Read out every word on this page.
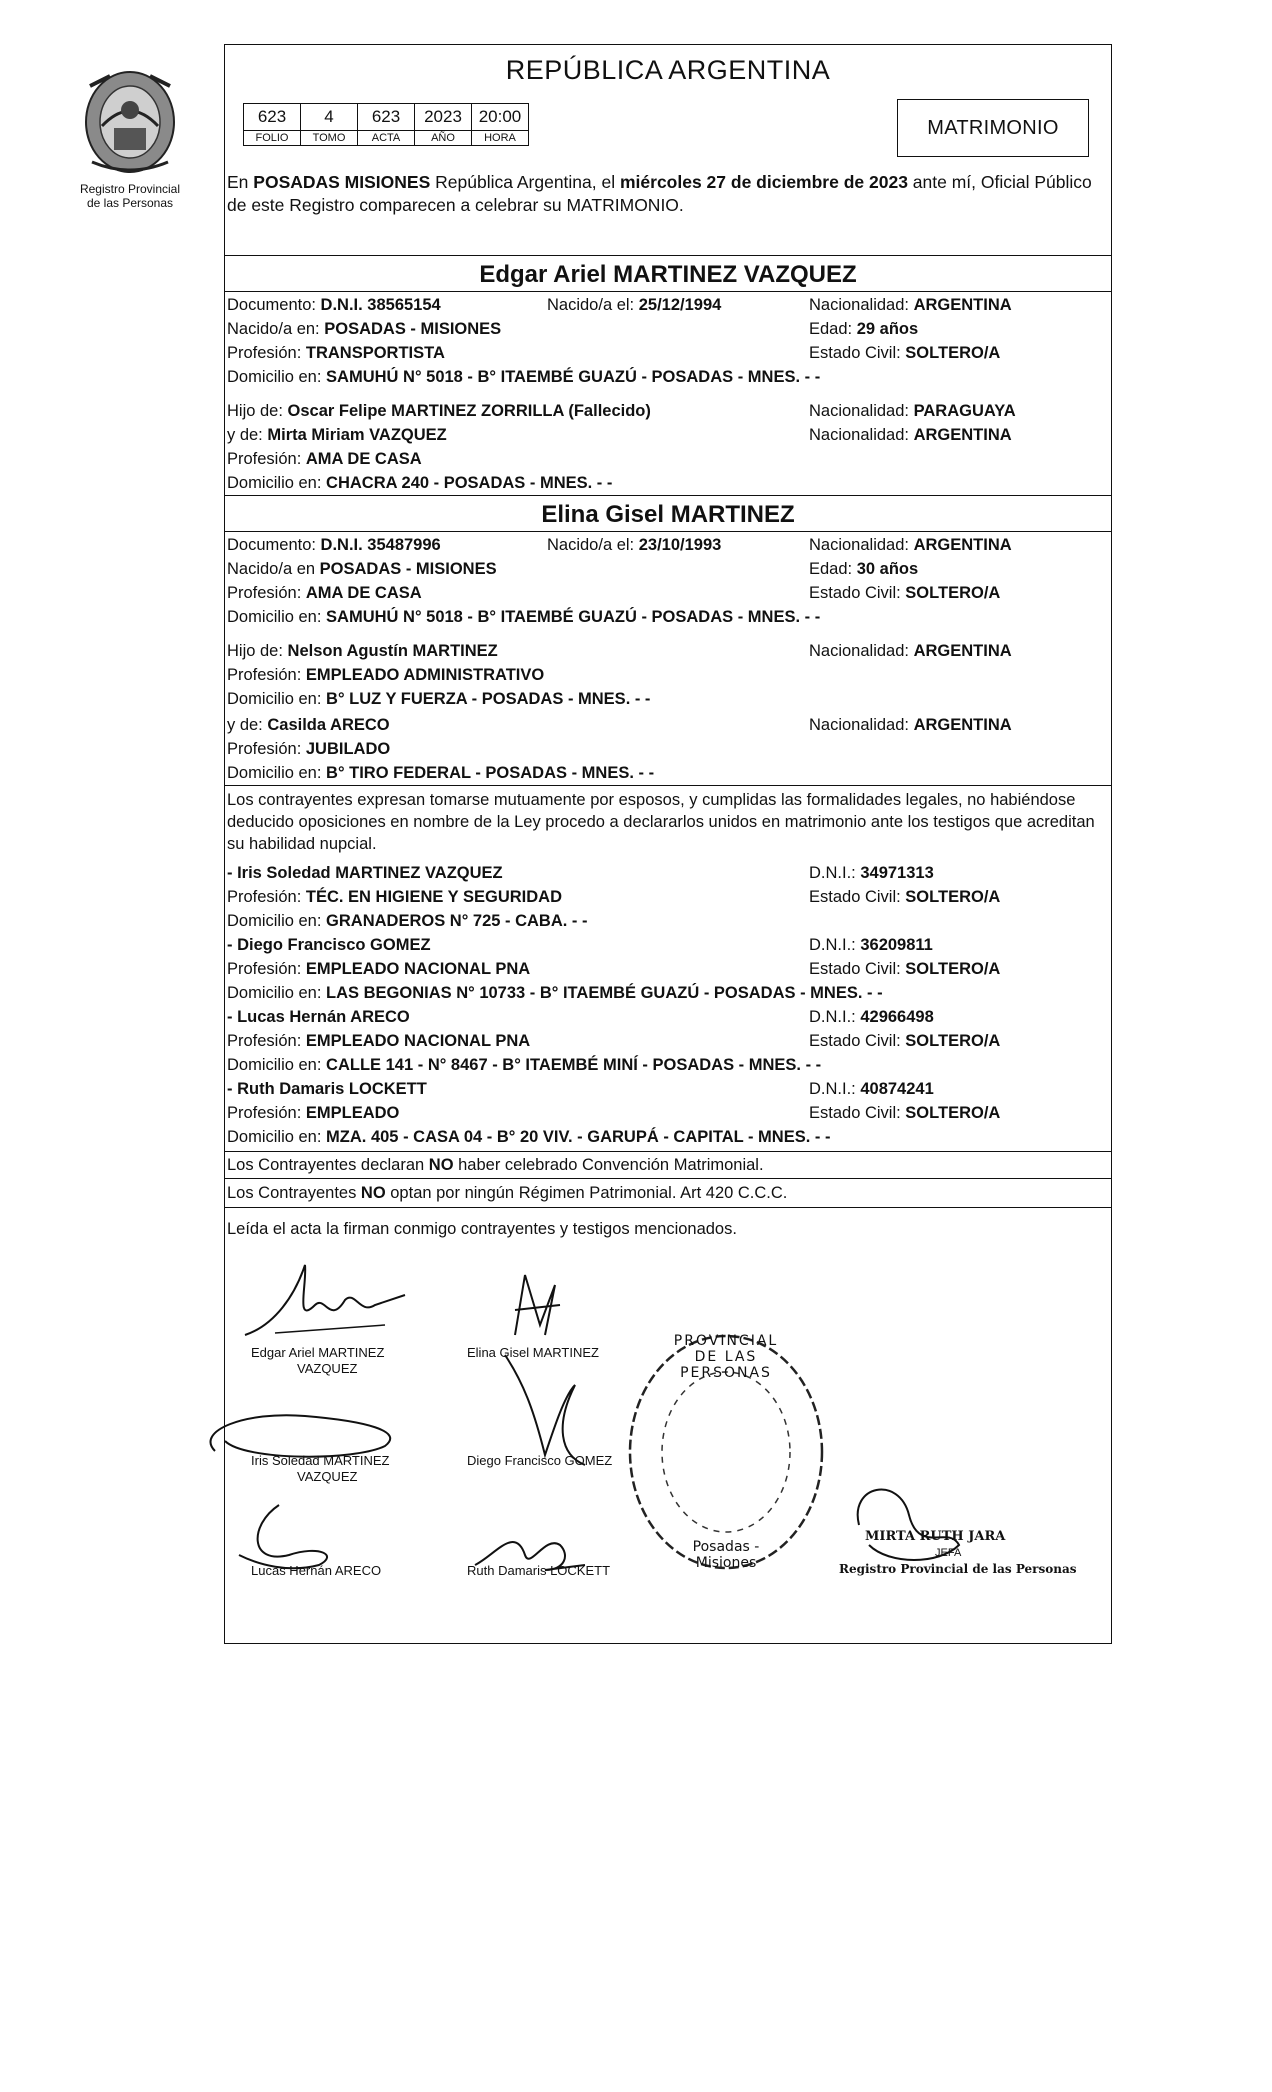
Registro Provincial
de las Personas
REPÚBLICA ARGENTINA
623	4	623	2023	20:00
FOLIO	TOMO	ACTA	AÑO	HORA	MATRIMONIO
En POSADAS MISIONES República Argentina, el miércoles 27 de diciembre de 2023 ante mí, Oficial Público de este Registro comparecen a celebrar su MATRIMONIO.
Edgar Ariel MARTINEZ VAZQUEZ
Documento: D.N.I. 38565154	Nacido/a el: 25/12/1994	Nacionalidad: ARGENTINA
Nacido/a en: POSADAS - MISIONES	Edad: 29 años
Profesión: TRANSPORTISTA	Estado Civil: SOLTERO/A
Domicilio en: SAMUHÚ N° 5018 - B° ITAEMBÉ GUAZÚ - POSADAS - MNES. - -
Hijo de: Oscar Felipe MARTINEZ ZORRILLA (Fallecido)	Nacionalidad: PARAGUAYA
y de: Mirta Miriam VAZQUEZ	Nacionalidad: ARGENTINA
Profesión: AMA DE CASA
Domicilio en: CHACRA 240 - POSADAS - MNES. - -
Elina Gisel MARTINEZ
Documento: D.N.I. 35487996	Nacido/a el: 23/10/1993	Nacionalidad: ARGENTINA
Nacido/a en POSADAS - MISIONES	Edad: 30 años
Profesión: AMA DE CASA	Estado Civil: SOLTERO/A
Domicilio en: SAMUHÚ N° 5018 - B° ITAEMBÉ GUAZÚ - POSADAS - MNES. - -
Hijo de: Nelson Agustín MARTINEZ	Nacionalidad: ARGENTINA
Profesión: EMPLEADO ADMINISTRATIVO
Domicilio en: B° LUZ Y FUERZA - POSADAS - MNES. - -
y de: Casilda ARECO	Nacionalidad: ARGENTINA
Profesión: JUBILADO
Domicilio en: B° TIRO FEDERAL - POSADAS - MNES. - -
Los contrayentes expresan tomarse mutuamente por esposos, y cumplidas las formalidades legales, no habiéndose deducido oposiciones en nombre de la Ley procedo a declararlos unidos en matrimonio ante los testigos que acreditan su habilidad nupcial.
- Iris Soledad MARTINEZ VAZQUEZ	D.N.I.: 34971313
Profesión: TÉC. EN HIGIENE Y SEGURIDAD	Estado Civil: SOLTERO/A
Domicilio en: GRANADEROS N° 725 - CABA. - -
- Diego Francisco GOMEZ	D.N.I.: 36209811
Profesión: EMPLEADO NACIONAL PNA	Estado Civil: SOLTERO/A
Domicilio en: LAS BEGONIAS N° 10733 - B° ITAEMBÉ GUAZÚ - POSADAS - MNES. - -
- Lucas Hernán ARECO	D.N.I.: 42966498
Profesión: EMPLEADO NACIONAL PNA	Estado Civil: SOLTERO/A
Domicilio en: CALLE 141 - N° 8467 - B° ITAEMBÉ MINÍ - POSADAS - MNES. - -
- Ruth Damaris LOCKETT	D.N.I.: 40874241
Profesión: EMPLEADO	Estado Civil: SOLTERO/A
Domicilio en: MZA. 405 - CASA 04 - B° 20 VIV. - GARUPÁ - CAPITAL - MNES. - -
Los Contrayentes declaran NO haber celebrado Convención Matrimonial.
Los Contrayentes NO optan por ningún Régimen Patrimonial. Art 420 C.C.C.
Leída el acta la firman conmigo contrayentes y testigos mencionados.
Edgar Ariel MARTINEZ
VAZQUEZ
Elina Gisel MARTINEZ
Iris Soledad MARTINEZ
VAZQUEZ
Diego Francisco GOMEZ
Lucas Hernán ARECO	Ruth Damaris LOCKETT
PROVINCIAL DE LAS PERSONAS
Posadas - Misiones
MIRTA RUTH JARA
JEFA
Registro Provincial de las Personas
